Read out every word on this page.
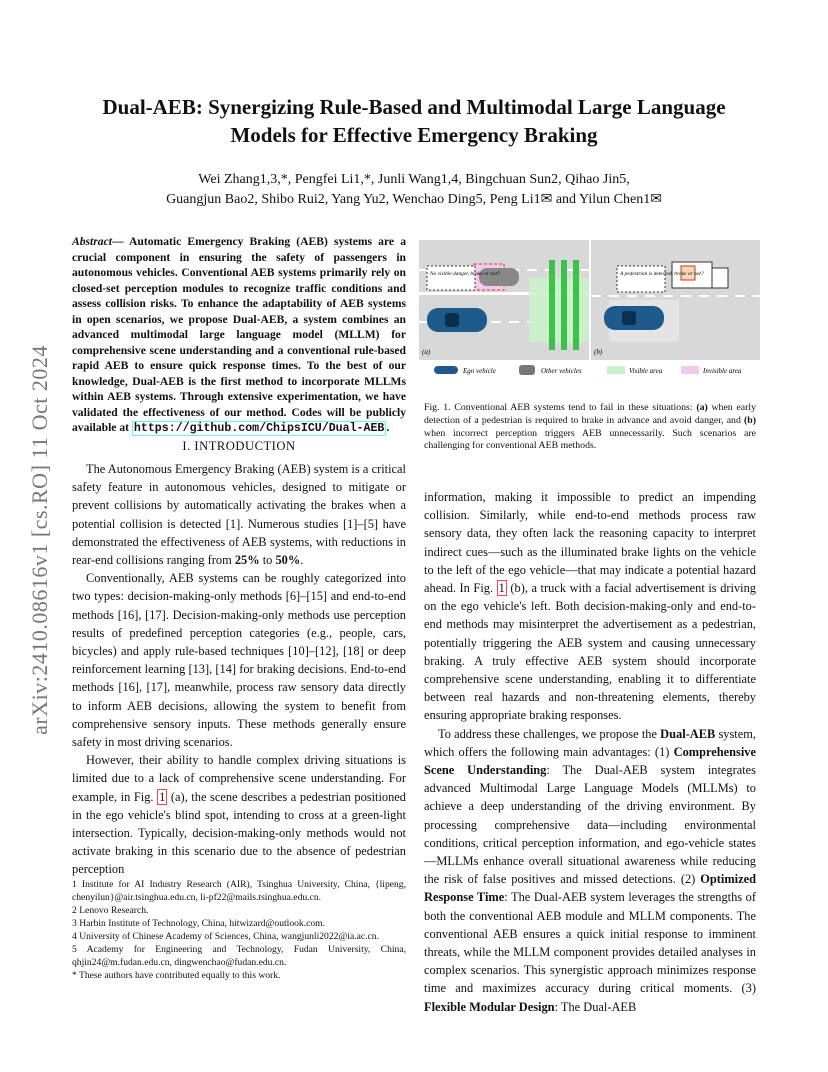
arXiv:2410.08616v1 [cs.RO] 11 Oct 2024
Dual-AEB: Synergizing Rule-Based and Multimodal Large Language
Models for Effective Emergency Braking
Wei Zhang1,3,*, Pengfei Li1,*, Junli Wang1,4, Bingchuan Sun2, Qihao Jin5,
Guangjun Bao2, Shibo Rui2, Yang Yu2, Wenchao Ding5, Peng Li1✉ and Yilun Chen1✉
Abstract— Automatic Emergency Braking (AEB) systems are a crucial component in ensuring the safety of passengers in autonomous vehicles. Conventional AEB systems primarily rely on closed-set perception modules to recognize traffic conditions and assess collision risks. To enhance the adaptability of AEB systems in open scenarios, we propose Dual-AEB, a system combines an advanced multimodal large language model (MLLM) for comprehensive scene understanding and a conventional rule-based rapid AEB to ensure quick response times. To the best of our knowledge, Dual-AEB is the first method to incorporate MLLMs within AEB systems. Through extensive experimentation, we have validated the effectiveness of our method. Codes will be publicly available at https://github.com/ChipsICU/Dual-AEB .
I. INTRODUCTION

The Autonomous Emergency Braking (AEB) system is a critical safety feature in autonomous vehicles, designed to mitigate or prevent collisions by automatically activating the brakes when a potential collision is detected [1]. Numerous studies [1]–[5] have demonstrated the effectiveness of AEB systems, with reductions in rear-end collisions ranging from 25% to 50%.

Conventionally, AEB systems can be roughly categorized into two types: decision-making-only methods [6]–[15] and end-to-end methods [16], [17]. Decision-making-only methods use perception results of predefined perception categories (e.g., people, cars, bicycles) and apply rule-based techniques [10]–[12], [18] or deep reinforcement learning [13], [14] for braking decisions. End-to-end methods [16], [17], meanwhile, process raw sensory data directly to inform AEB decisions, allowing the system to benefit from comprehensive sensory inputs. These methods generally ensure safety in most driving scenarios.

However, their ability to handle complex driving situations is limited due to a lack of comprehensive scene understanding. For example, in Fig. 1 (a), the scene describes a pedestrian positioned in the ego vehicle's blind spot, intending to cross at a green-light intersection. Typically, decision-making-only methods would not activate braking in this scenario due to the absence of pedestrian perception

1 Institute for AI Industry Research (AIR), Tsinghua University, China, {lipeng, chenyilun}@air.tsinghua.edu.cn, li-pf22@mails.tsinghua.edu.cn.
2 Lenovo Research.
3 Harbin Institute of Technology, China, hitwizard@outlook.com.
4 University of Chinese Academy of Sciences, China, wangjunli2022@ia.ac.cn.
5 Academy for Engineering and Technology, Fudan University, China, qhjin24@m.fudan.edu.cn, dingwenchao@fudan.edu.cn.
* These authors have contributed equally to this work.
No visible danger, brake or not?
(a)
A pedestrian is detected, brake or not?
(b)
Ego vehicle	Other vehicles	Visible area	Invisible area
Fig. 1. Conventional AEB systems tend to fail in these situations: (a) when early detection of a pedestrian is required to brake in advance and avoid danger, and (b) when incorrect perception triggers AEB unnecessarily. Such scenarios are challenging for conventional AEB methods.

information, making it impossible to predict an impending collision. Similarly, while end-to-end methods process raw sensory data, they often lack the reasoning capacity to interpret indirect cues—such as the illuminated brake lights on the vehicle to the left of the ego vehicle—that may indicate a potential hazard ahead. In Fig. 1 (b), a truck with a facial advertisement is driving on the ego vehicle's left. Both decision-making-only and end-to-end methods may misinterpret the advertisement as a pedestrian, potentially triggering the AEB system and causing unnecessary braking. A truly effective AEB system should incorporate comprehensive scene understanding, enabling it to differentiate between real hazards and non-threatening elements, thereby ensuring appropriate braking responses.

To address these challenges, we propose the Dual-AEB system, which offers the following main advantages: (1) Comprehensive Scene Understanding: The Dual-AEB system integrates advanced Multimodal Large Language Models (MLLMs) to achieve a deep understanding of the driving environment. By processing comprehensive data—including environmental conditions, critical perception information, and ego-vehicle states—MLLMs enhance overall situational awareness while reducing the risk of false positives and missed detections. (2) Optimized Response Time: The Dual-AEB system leverages the strengths of both the conventional AEB module and MLLM components. The conventional AEB ensures a quick initial response to imminent threats, while the MLLM component provides detailed analyses in complex scenarios. This synergistic approach minimizes response time and maximizes accuracy during critical moments. (3) Flexible Modular Design: The Dual-AEB
